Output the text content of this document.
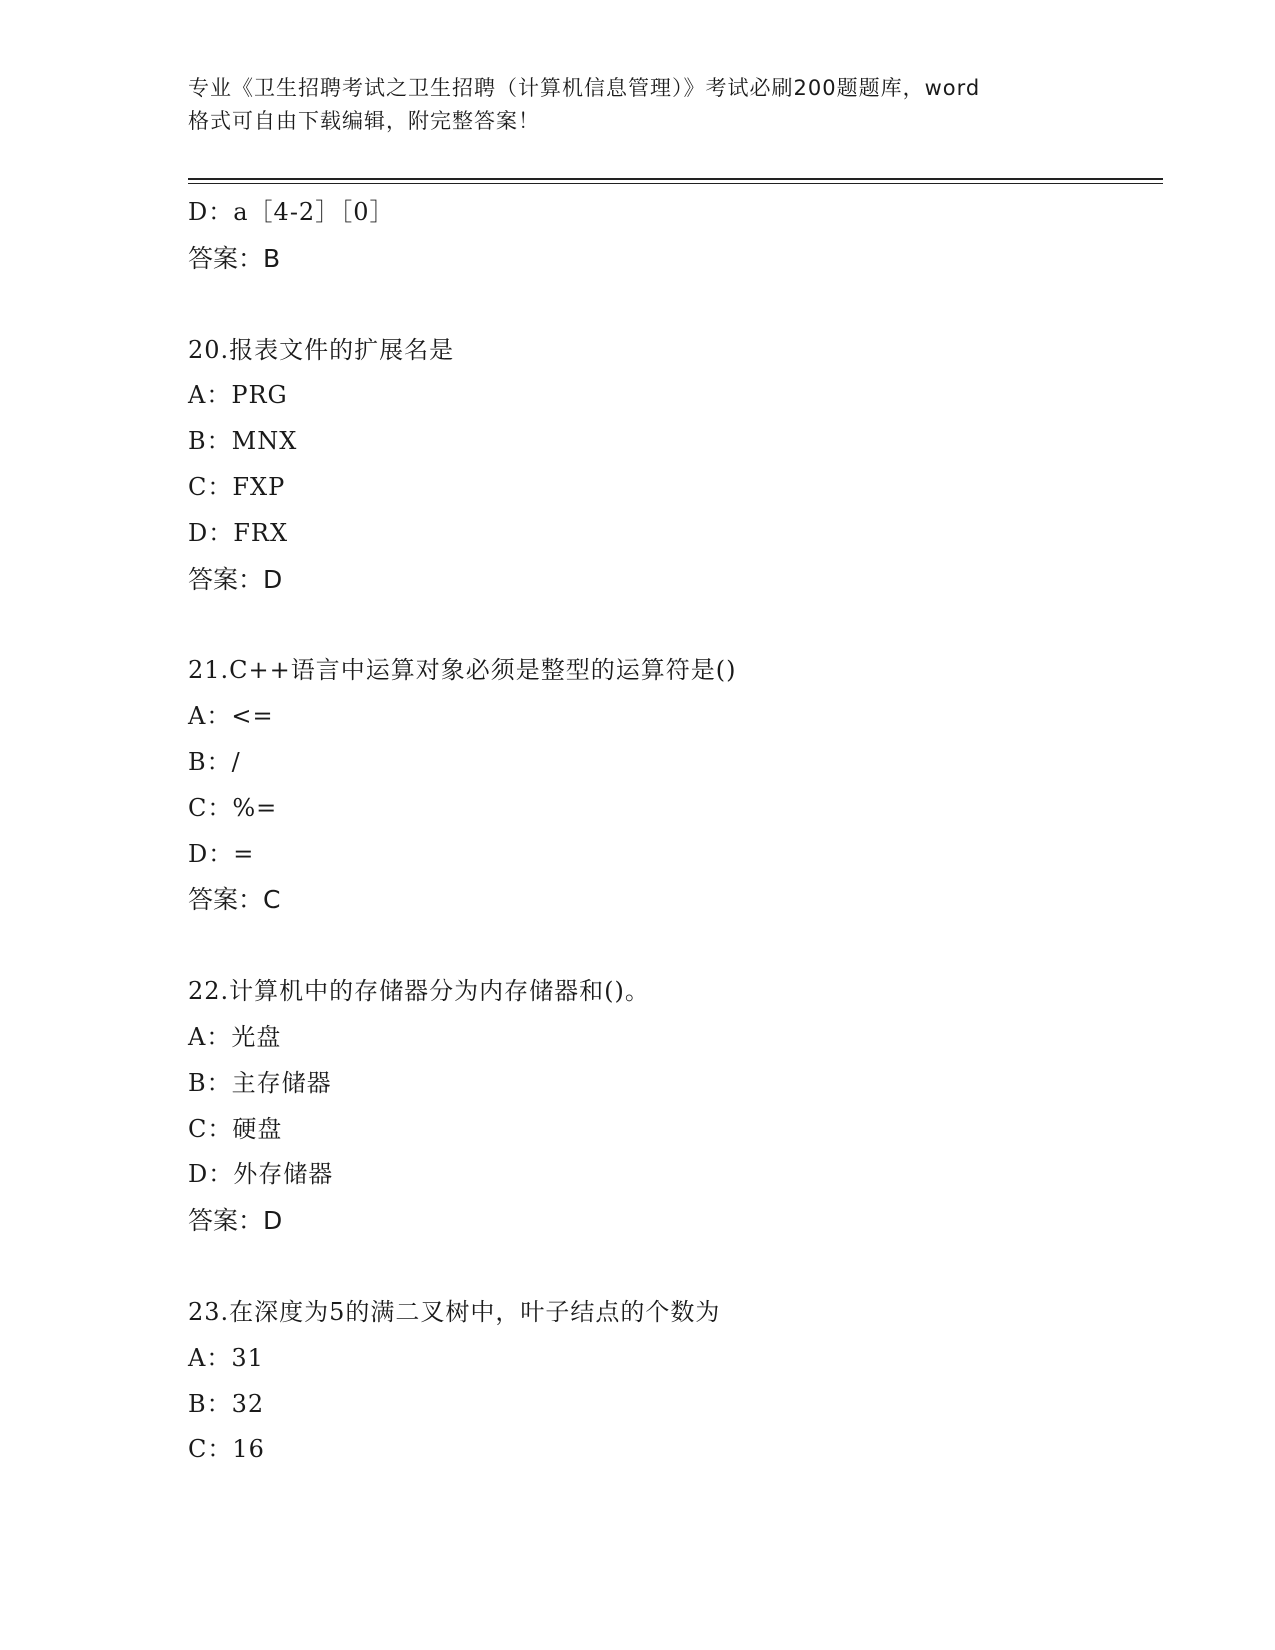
专业《卫生招聘考试之卫生招聘（计算机信息管理）》考试必刷200题题库，word
格式可自由下载编辑，附完整答案！
D：a［4-2］［0］
答案：B
20.报表文件的扩展名是
A：PRG
B：MNX
C：FXP
D：FRX
答案：D
21.C++语言中运算对象必须是整型的运算符是()
A：<=
B：/
C：%=
D：=
答案：C
22.计算机中的存储器分为内存储器和()。
A：光盘
B：主存储器
C：硬盘
D：外存储器
答案：D
23.在深度为5的满二叉树中，叶子结点的个数为
A：31
B：32
C：16
